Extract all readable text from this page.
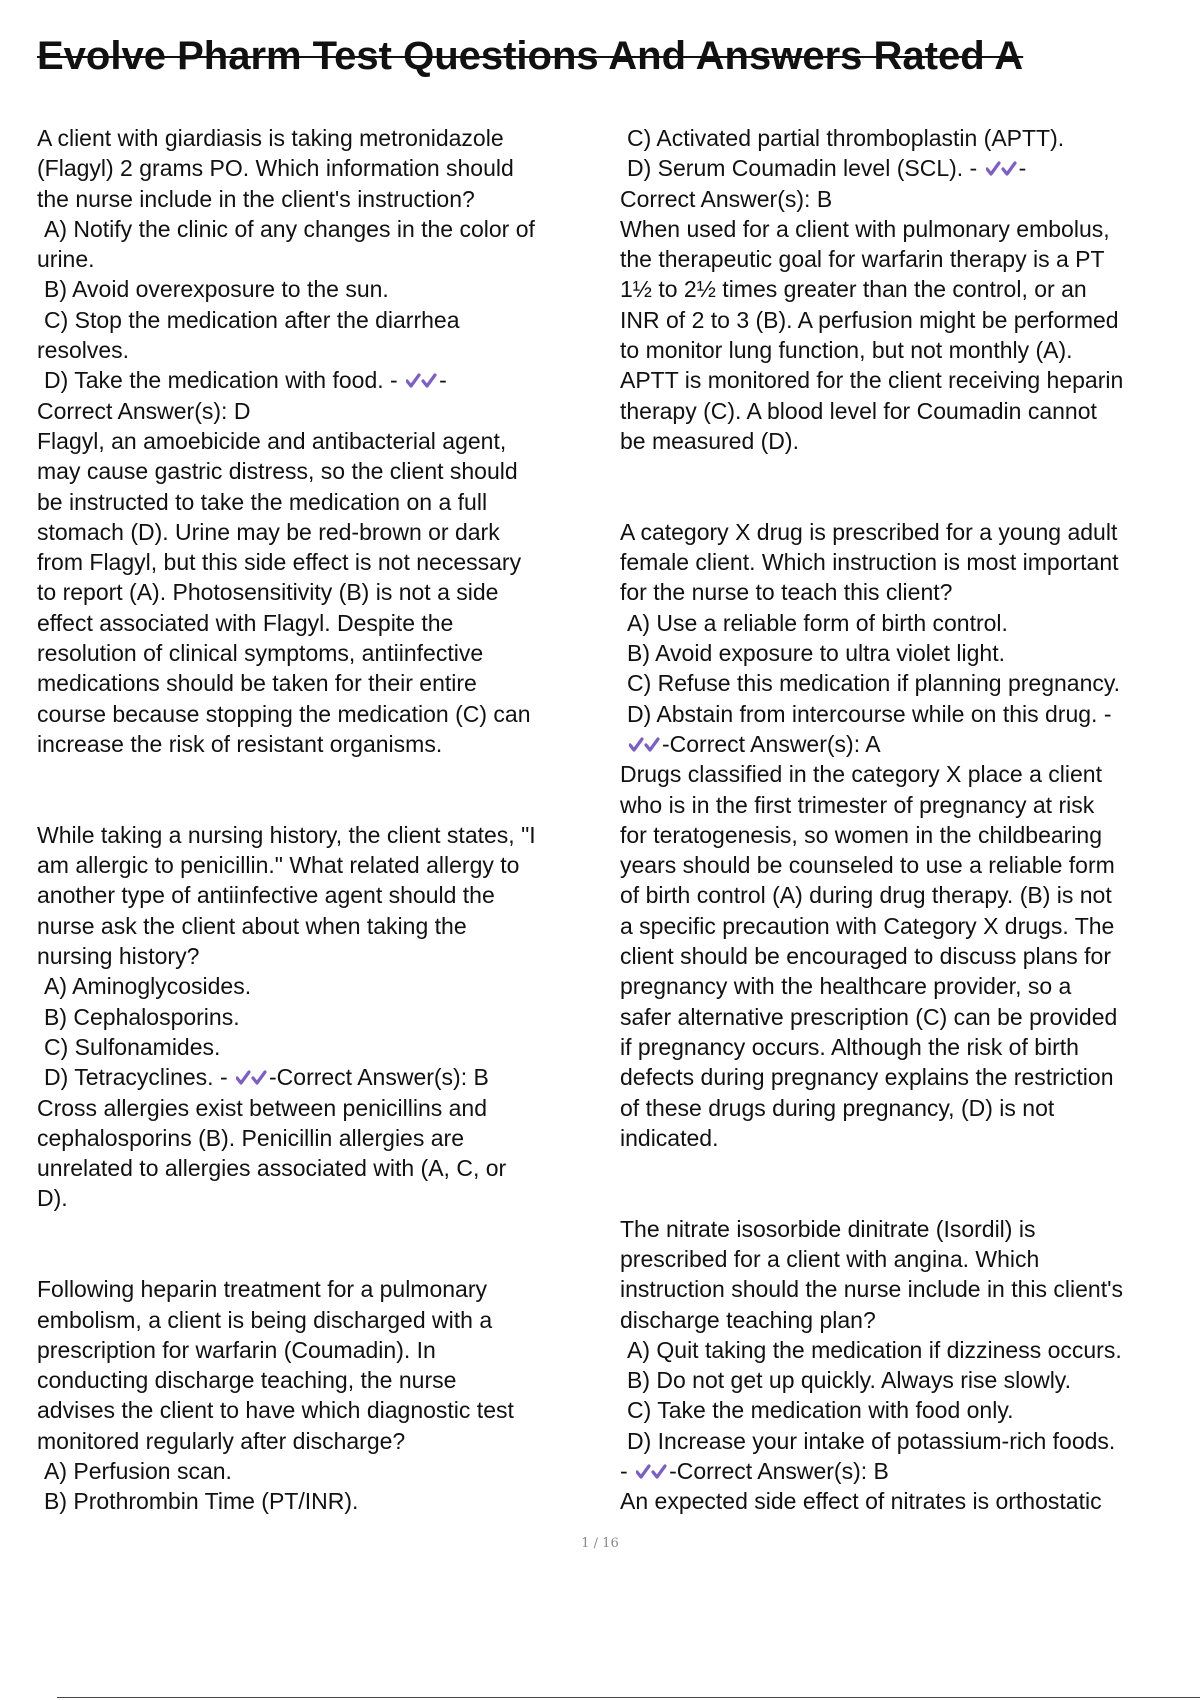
Evolve Pharm Test Questions And Answers Rated A
A client with giardiasis is taking metronidazole
(Flagyl) 2 grams PO. Which information should
the nurse include in the client's instruction?
A) Notify the clinic of any changes in the color of
urine.
B) Avoid overexposure to the sun.
C) Stop the medication after the diarrhea
resolves.
D) Take the medication with food. - -
Correct Answer(s): D
Flagyl, an amoebicide and antibacterial agent,
may cause gastric distress, so the client should
be instructed to take the medication on a full
stomach (D). Urine may be red-brown or dark
from Flagyl, but this side effect is not necessary
to report (A). Photosensitivity (B) is not a side
effect associated with Flagyl. Despite the
resolution of clinical symptoms, antiinfective
medications should be taken for their entire
course because stopping the medication (C) can
increase the risk of resistant organisms.
While taking a nursing history, the client states, "I
am allergic to penicillin." What related allergy to
another type of antiinfective agent should the
nurse ask the client about when taking the
nursing history?
A) Aminoglycosides.
B) Cephalosporins.
C) Sulfonamides.
D) Tetracyclines. - -Correct Answer(s): B
Cross allergies exist between penicillins and
cephalosporins (B). Penicillin allergies are
unrelated to allergies associated with (A, C, or
D).
Following heparin treatment for a pulmonary
embolism, a client is being discharged with a
prescription for warfarin (Coumadin). In
conducting discharge teaching, the nurse
advises the client to have which diagnostic test
monitored regularly after discharge?
A) Perfusion scan.
B) Prothrombin Time (PT/INR).
C) Activated partial thromboplastin (APTT).
D) Serum Coumadin level (SCL). - -
Correct Answer(s): B
When used for a client with pulmonary embolus,
the therapeutic goal for warfarin therapy is a PT
1½ to 2½ times greater than the control, or an
INR of 2 to 3 (B). A perfusion might be performed
to monitor lung function, but not monthly (A).
APTT is monitored for the client receiving heparin
therapy (C). A blood level for Coumadin cannot
be measured (D).
A category X drug is prescribed for a young adult
female client. Which instruction is most important
for the nurse to teach this client?
A) Use a reliable form of birth control.
B) Avoid exposure to ultra violet light.
C) Refuse this medication if planning pregnancy.
D) Abstain from intercourse while on this drug. -
-Correct Answer(s): A
Drugs classified in the category X place a client
who is in the first trimester of pregnancy at risk
for teratogenesis, so women in the childbearing
years should be counseled to use a reliable form
of birth control (A) during drug therapy. (B) is not
a specific precaution with Category X drugs. The
client should be encouraged to discuss plans for
pregnancy with the healthcare provider, so a
safer alternative prescription (C) can be provided
if pregnancy occurs. Although the risk of birth
defects during pregnancy explains the restriction
of these drugs during pregnancy, (D) is not
indicated.
The nitrate isosorbide dinitrate (Isordil) is
prescribed for a client with angina. Which
instruction should the nurse include in this client's
discharge teaching plan?
A) Quit taking the medication if dizziness occurs.
B) Do not get up quickly. Always rise slowly.
C) Take the medication with food only.
D) Increase your intake of potassium-rich foods.
- -Correct Answer(s): B
An expected side effect of nitrates is orthostatic
1 / 16
